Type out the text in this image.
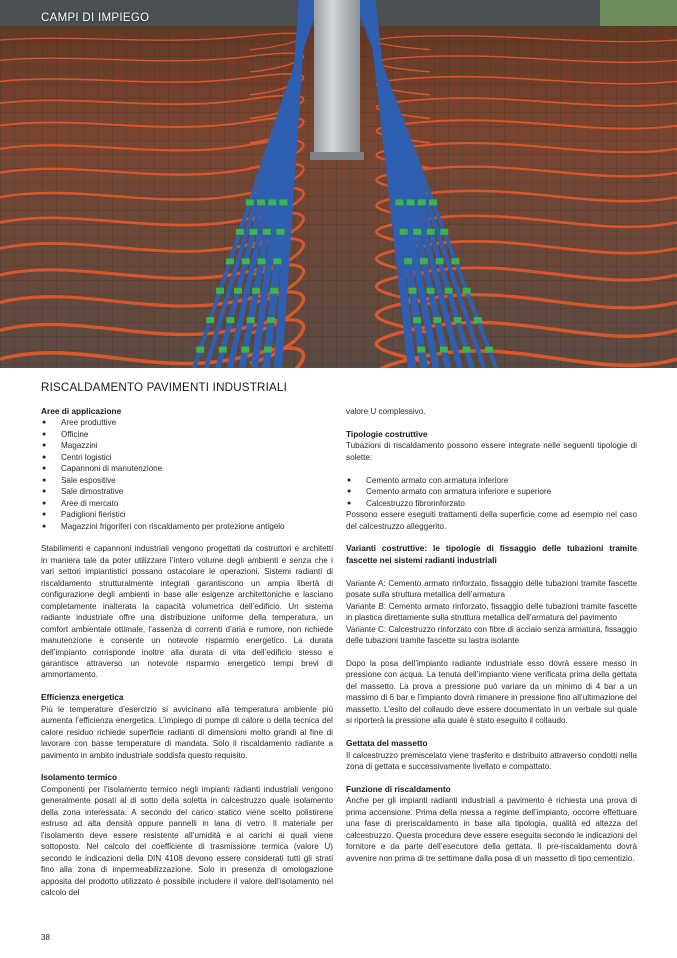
CAMPI DI IMPIEGO
RISCALDAMENTO PAVIMENTI INDUSTRIALI
Aree di applicazione
● Aree produttive
● Officine
● Magazzini
● Centri logistici
● Capannoni di manutenzione
● Sale espositive
● Sale dimostrative
● Aree di mercato
● Padiglioni fieristici
● Magazzini frigoriferi con riscaldamento per protezione antigelo

Stabilimenti e capannoni industriali vengono progettati da costruttori e architetti in maniera tale da poter utilizzare l’intero volume degli ambienti e senza che i vari settori impiantistici possano ostacolare le operazioni. Sistemi radianti di riscaldamento strutturalmente integrati garantiscono un ampia libertà di configurazione degli ambienti in base alle esigenze architettoniche e lasciano completamente inalterata la capacità volumetrica dell’edificio. Un sistema radiante industriale offre una distribuzione uniforme della temperatura, un comfort ambientale ottimale, l’assenza di correnti d’aria e rumore, non richiede manutenzione e consente un notevole risparmio energetico. La durata dell’impianto corrisponde inoltre alla durata di vita dell’edificio stesso e garantisce attraverso un notevole risparmio energetico tempi brevi di ammortamento.

Efficienza energetica

Più le temperature d’esercizio si avvicinano alla temperatura ambiente più aumenta l’efficienza energetica. L’impiego di pompe di calore o della tecnica del calore residuo richiede superficie radianti di dimensioni molto grandi al fine di lavorare con basse temperature di mandata. Solo il riscaldamento radiante a pavimento in ambito industriale soddisfa questo requisito.

Isolamento termico

Componenti per l’isolamento termico negli impianti radianti industriali vengono generalmente posati al di sotto della soletta in calcestruzzo quale isolamento della zona interessata. A secondo del carico statico viene scelto polistirene estruso ad alta densità oppure pannelli in lana di vetro. Il materiale per l’isolamento deve essere resistente all’umidità e ai carichi ai quali viene sottoposto. Nel calcolo del coefficiente di trasmissione termica (valore U) secondo le indicazioni della DIN 4108 devono essere considerati tutti gli strati fino alla zona di impermeabilizzazione. Solo in presenza di omologazione apposita del prodotto utilizzato è possibile includere il valore dell’isolamento nel calcolo del

valore U complessivo.

Tipologie costruttive

Tubazioni di riscaldamento possono essere integrate nelle seguenti tipologie di solette:

● Cemento armato con armatura inferiore
● Cemento armato con armatura inferiore e superiore
● Calcestruzzo fibrorinforzato

Possono essere eseguiti trattamenti della superficie come ad esempio nel caso del calcestruzzo alleggerito.

Varianti costruttive: le tipologie di fissaggio delle tubazioni tramite fascette nei sistemi radianti industriali

Variante A: Cemento armato rinforzato, fissaggio delle tubazioni tramite fascette posate sulla struttura metallica dell’armatura

Variante B: Cemento armato rinforzato, fissaggio delle tubazioni tramite fascette in plastica direttamente sulla struttura metallica dell’armatura del pavimento

Variante C: Calcestruzzo rinforzato con fibre di acciaio senza armatura, fissaggio delle tubazioni tramite fascette su lastra isolante

Dopo la posa dell’impianto radiante industriale esso dovrà essere messo in pressione con acqua. La tenuta dell’impianto viene verificata prima della gettata del massetto. La prova a pressione può variare da un minimo di 4 bar a un massimo di 6 bar e l’impianto dovrà rimanere in pressione fino all’ultimazione del massetto. L’esito del collaudo deve essere documentato in un verbale sul quale si riporterà la pressione alla quale è stato eseguito il collaudo.

Gettata del massetto

Il calcestruzzo premiscelato viene trasferito e distribuito attraverso condotti nella zona di gettata e successivamente livellato e compattato.

Funzione di riscaldamento

Anche per gli impianti radianti industriali a pavimento è richiesta una prova di prima accensione. Prima della messa a regime dell’impianto, occorre effettuare una fase di preriscaldamento in base alla tipologia, qualità ed altezza del calcestruzzo. Questa procedura deve essere eseguita secondo le indicazioni del fornitore e da parte dell’esecutore della gettata. Il pre-riscaldamento dovrà avvenire non prima di tre settimane dalla posa di un massetto di tipo cementizio.

38
